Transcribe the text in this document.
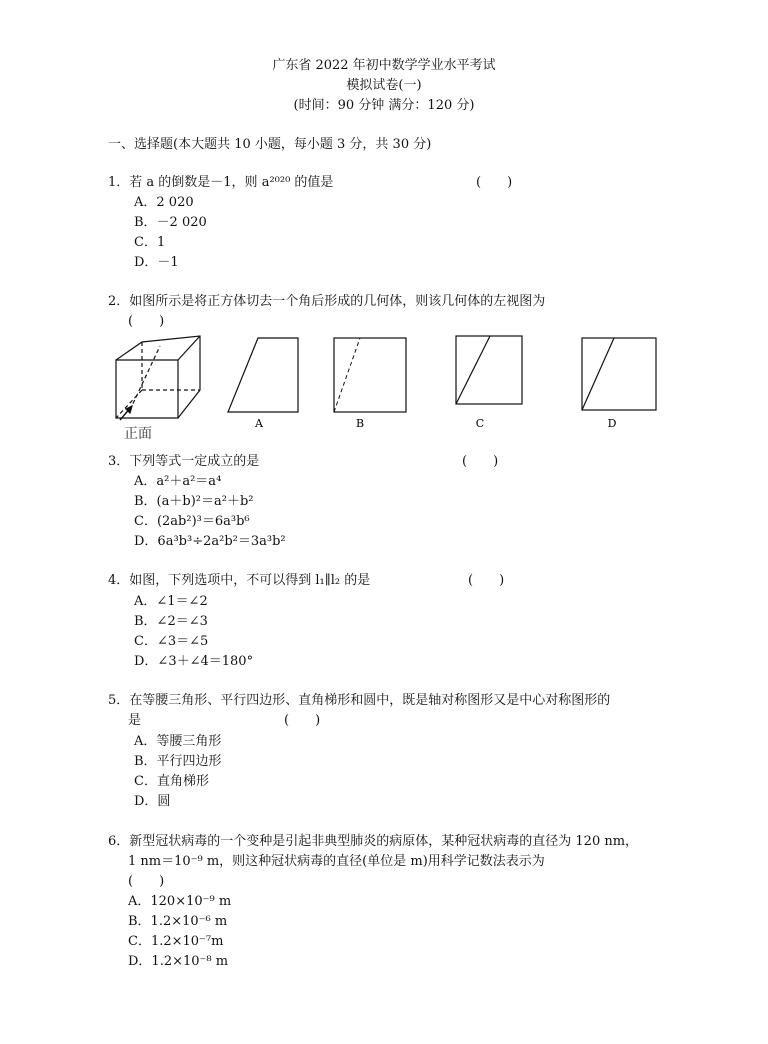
广东省 2022 年初中数学学业水平考试
模拟试卷(一)
(时间：90 分钟 满分：120 分)
一、选择题(本大题共 10 小题，每小题 3 分，共 30 分)
1．若 a 的倒数是－1，则 a²⁰²⁰ 的值是	(　　)
A．2 020
B．－2 020
C．1
D．－1
2．如图所示是将正方体切去一个角后形成的几何体，则该几何体的左视图为
(　　)
正面
A	B	C	D
3．下列等式一定成立的是	(　　)
A．a²＋a²＝a⁴
B．(a＋b)²＝a²＋b²
C．(2ab²)³＝6a³b⁶
D．6a³b³÷2a²b²＝3a³b²
4．如图，下列选项中，不可以得到 l₁∥l₂ 的是	(　　)
A．∠1＝∠2
B．∠2＝∠3
C．∠3＝∠5
D．∠3＋∠4＝180°
5．在等腰三角形、平行四边形、直角梯形和圆中，既是轴对称图形又是中心对称图形的
是	(　　)
A．等腰三角形
B．平行四边形
C．直角梯形
D．圆
6．新型冠状病毒的一个变种是引起非典型肺炎的病原体，某种冠状病毒的直径为 120 nm，
1 nm＝10⁻⁹ m，则这种冠状病毒的直径(单位是 m)用科学记数法表示为
(　　)
A．120×10⁻⁹ m
B．1.2×10⁻⁶ m
C．1.2×10⁻⁷m
D．1.2×10⁻⁸ m
